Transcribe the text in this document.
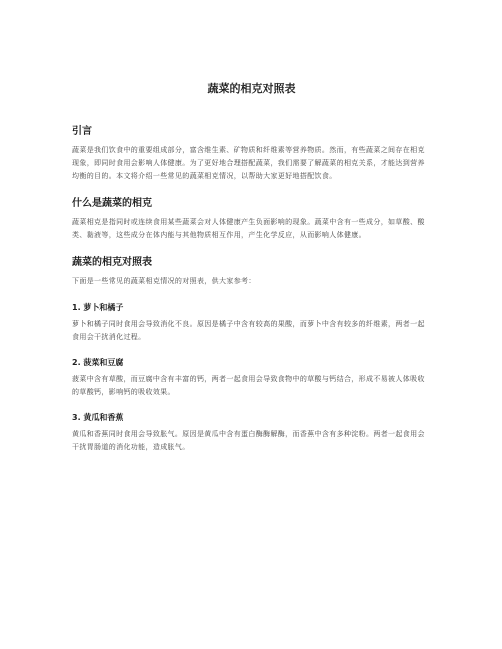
蔬菜的相克对照表
引言

蔬菜是我们饮食中的重要组成部分，富含维生素、矿物质和纤维素等营养物质。然而，有些蔬菜之间存在相克现象，即同时食用会影响人体健康。为了更好地合理搭配蔬菜，我们需要了解蔬菜的相克关系，才能达到营养均衡的目的。本文将介绍一些常见的蔬菜相克情况，以帮助大家更好地搭配饮食。

什么是蔬菜的相克

蔬菜相克是指同时或连续食用某些蔬菜会对人体健康产生负面影响的现象。蔬菜中含有一些成分，如草酸、酸类、黏液等，这些成分在体内能与其他物质相互作用，产生化学反应，从而影响人体健康。

蔬菜的相克对照表

下面是一些常见的蔬菜相克情况的对照表，供大家参考：

1. 萝卜和橘子

萝卜和橘子同时食用会导致消化不良。原因是橘子中含有较高的果酸，而萝卜中含有较多的纤维素，两者一起食用会干扰消化过程。

2. 菠菜和豆腐

菠菜中含有草酸，而豆腐中含有丰富的钙，两者一起食用会导致食物中的草酸与钙结合，形成不易被人体吸收的草酸钙，影响钙的吸收效果。

3. 黄瓜和香蕉

黄瓜和香蕉同时食用会导致胀气。原因是黄瓜中含有蛋白酶酶解酶，而香蕉中含有多种淀粉。两者一起食用会干扰胃肠道的消化功能，造成胀气。
